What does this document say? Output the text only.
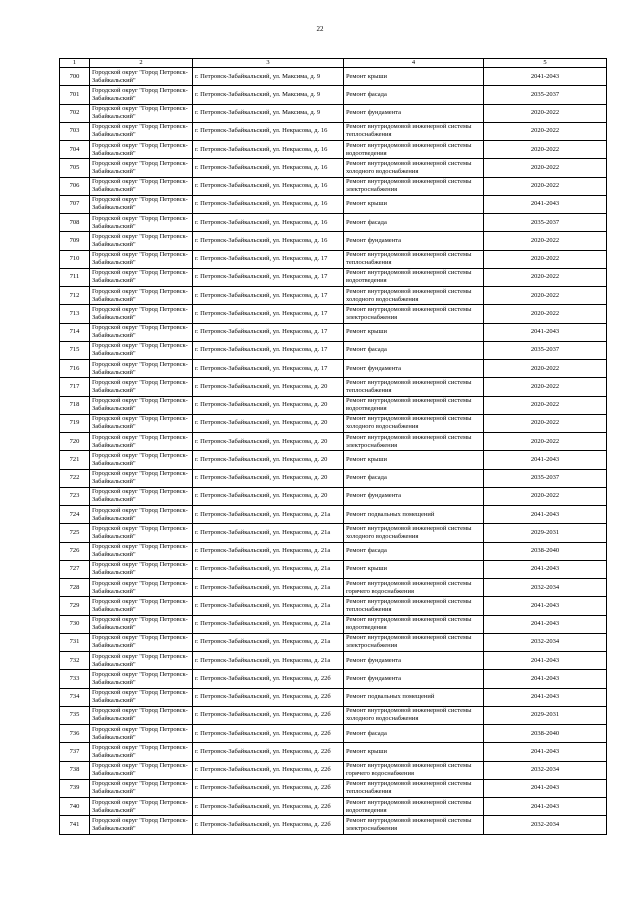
22
1	2	3	4	5
700	Городской округ "Город Петровск-Забайкальский"	г. Петровск-Забайкальский, ул. Максима, д. 9	Ремонт крыши	2041-2043
701	Городской округ "Город Петровск-Забайкальский"	г. Петровск-Забайкальский, ул. Максима, д. 9	Ремонт фасада	2035-2037
702	Городской округ "Город Петровск-Забайкальский"	г. Петровск-Забайкальский, ул. Максима, д. 9	Ремонт фундамента	2020-2022
703	Городской округ "Город Петровск-Забайкальский"	г. Петровск-Забайкальский, ул. Некрасова, д. 16	Ремонт внутридомовой инженерной системы теплоснабжения	2020-2022
704	Городской округ "Город Петровск-Забайкальский"	г. Петровск-Забайкальский, ул. Некрасова, д. 16	Ремонт внутридомовой инженерной системы водоотведения	2020-2022
705	Городской округ "Город Петровск-Забайкальский"	г. Петровск-Забайкальский, ул. Некрасова, д. 16	Ремонт внутридомовой инженерной системы холодного водоснабжения	2020-2022
706	Городской округ "Город Петровск-Забайкальский"	г. Петровск-Забайкальский, ул. Некрасова, д. 16	Ремонт внутридомовой инженерной системы электроснабжения	2020-2022
707	Городской округ "Город Петровск-Забайкальский"	г. Петровск-Забайкальский, ул. Некрасова, д. 16	Ремонт крыши	2041-2043
708	Городской округ "Город Петровск-Забайкальский"	г. Петровск-Забайкальский, ул. Некрасова, д. 16	Ремонт фасада	2035-2037
709	Городской округ "Город Петровск-Забайкальский"	г. Петровск-Забайкальский, ул. Некрасова, д. 16	Ремонт фундамента	2020-2022
710	Городской округ "Город Петровск-Забайкальский"	г. Петровск-Забайкальский, ул. Некрасова, д. 17	Ремонт внутридомовой инженерной системы теплоснабжения	2020-2022
711	Городской округ "Город Петровск-Забайкальский"	г. Петровск-Забайкальский, ул. Некрасова, д. 17	Ремонт внутридомовой инженерной системы водоотведения	2020-2022
712	Городской округ "Город Петровск-Забайкальский"	г. Петровск-Забайкальский, ул. Некрасова, д. 17	Ремонт внутридомовой инженерной системы холодного водоснабжения	2020-2022
713	Городской округ "Город Петровск-Забайкальский"	г. Петровск-Забайкальский, ул. Некрасова, д. 17	Ремонт внутридомовой инженерной системы электроснабжения	2020-2022
714	Городской округ "Город Петровск-Забайкальский"	г. Петровск-Забайкальский, ул. Некрасова, д. 17	Ремонт крыши	2041-2043
715	Городской округ "Город Петровск-Забайкальский"	г. Петровск-Забайкальский, ул. Некрасова, д. 17	Ремонт фасада	2035-2037
716	Городской округ "Город Петровск-Забайкальский"	г. Петровск-Забайкальский, ул. Некрасова, д. 17	Ремонт фундамента	2020-2022
717	Городской округ "Город Петровск-Забайкальский"	г. Петровск-Забайкальский, ул. Некрасова, д. 20	Ремонт внутридомовой инженерной системы теплоснабжения	2020-2022
718	Городской округ "Город Петровск-Забайкальский"	г. Петровск-Забайкальский, ул. Некрасова, д. 20	Ремонт внутридомовой инженерной системы водоотведения	2020-2022
719	Городской округ "Город Петровск-Забайкальский"	г. Петровск-Забайкальский, ул. Некрасова, д. 20	Ремонт внутридомовой инженерной системы холодного водоснабжения	2020-2022
720	Городской округ "Город Петровск-Забайкальский"	г. Петровск-Забайкальский, ул. Некрасова, д. 20	Ремонт внутридомовой инженерной системы электроснабжения	2020-2022
721	Городской округ "Город Петровск-Забайкальский"	г. Петровск-Забайкальский, ул. Некрасова, д. 20	Ремонт крыши	2041-2043
722	Городской округ "Город Петровск-Забайкальский"	г. Петровск-Забайкальский, ул. Некрасова, д. 20	Ремонт фасада	2035-2037
723	Городской округ "Город Петровск-Забайкальский"	г. Петровск-Забайкальский, ул. Некрасова, д. 20	Ремонт фундамента	2020-2022
724	Городской округ "Город Петровск-Забайкальский"	г. Петровск-Забайкальский, ул. Некрасова, д. 21а	Ремонт подвальных помещений	2041-2043
725	Городской округ "Город Петровск-Забайкальский"	г. Петровск-Забайкальский, ул. Некрасова, д. 21а	Ремонт внутридомовой инженерной системы холодного водоснабжения	2029-2031
726	Городской округ "Город Петровск-Забайкальский"	г. Петровск-Забайкальский, ул. Некрасова, д. 21а	Ремонт фасада	2038-2040
727	Городской округ "Город Петровск-Забайкальский"	г. Петровск-Забайкальский, ул. Некрасова, д. 21а	Ремонт крыши	2041-2043
728	Городской округ "Город Петровск-Забайкальский"	г. Петровск-Забайкальский, ул. Некрасова, д. 21а	Ремонт внутридомовой инженерной системы горячего водоснабжения	2032-2034
729	Городской округ "Город Петровск-Забайкальский"	г. Петровск-Забайкальский, ул. Некрасова, д. 21а	Ремонт внутридомовой инженерной системы теплоснабжения	2041-2043
730	Городской округ "Город Петровск-Забайкальский"	г. Петровск-Забайкальский, ул. Некрасова, д. 21а	Ремонт внутридомовой инженерной системы водоотведения	2041-2043
731	Городской округ "Город Петровск-Забайкальский"	г. Петровск-Забайкальский, ул. Некрасова, д. 21а	Ремонт внутридомовой инженерной системы электроснабжения	2032-2034
732	Городской округ "Город Петровск-Забайкальский"	г. Петровск-Забайкальский, ул. Некрасова, д. 21а	Ремонт фундамента	2041-2043
733	Городской округ "Город Петровск-Забайкальский"	г. Петровск-Забайкальский, ул. Некрасова, д. 22б	Ремонт фундамента	2041-2043
734	Городской округ "Город Петровск-Забайкальский"	г. Петровск-Забайкальский, ул. Некрасова, д. 22б	Ремонт подвальных помещений	2041-2043
735	Городской округ "Город Петровск-Забайкальский"	г. Петровск-Забайкальский, ул. Некрасова, д. 22б	Ремонт внутридомовой инженерной системы холодного водоснабжения	2029-2031
736	Городской округ "Город Петровск-Забайкальский"	г. Петровск-Забайкальский, ул. Некрасова, д. 22б	Ремонт фасада	2038-2040
737	Городской округ "Город Петровск-Забайкальский"	г. Петровск-Забайкальский, ул. Некрасова, д. 22б	Ремонт крыши	2041-2043
738	Городской округ "Город Петровск-Забайкальский"	г. Петровск-Забайкальский, ул. Некрасова, д. 22б	Ремонт внутридомовой инженерной системы горячего водоснабжения	2032-2034
739	Городской округ "Город Петровск-Забайкальский"	г. Петровск-Забайкальский, ул. Некрасова, д. 22б	Ремонт внутридомовой инженерной системы теплоснабжения	2041-2043
740	Городской округ "Город Петровск-Забайкальский"	г. Петровск-Забайкальский, ул. Некрасова, д. 22б	Ремонт внутридомовой инженерной системы водоотведения	2041-2043
741	Городской округ "Город Петровск-Забайкальский"	г. Петровск-Забайкальский, ул. Некрасова, д. 22б	Ремонт внутридомовой инженерной системы электроснабжения	2032-2034
